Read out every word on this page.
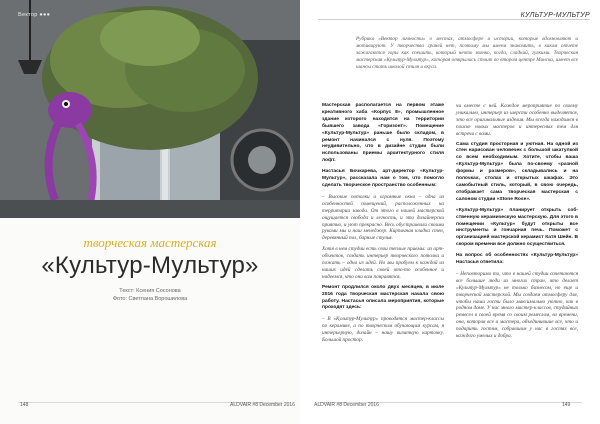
Вектор ●●●
творческая мастерская
«Культур-Мультур»
Текст: Ксения Сосонова
Фото: Светлана Ворошилова
КУЛЬТУР-МУЛЬТУР
Рубрика «Вектор личности» о местах, атмосфере и истории, которые вдохновляют и мотивируют. У творчества граней нет, поэтому мы имеем знакомить, в каком отчете зажигаются горы как спешить, который нечто звонко, когда, сладкий, гулкими. Творческая мастерская «Культур-Мультур», которая открылась стоит во втором центре Минска, имеет все шансы стать школой стиля и вкуса.

Мастерская располагается на первом этаже креативного хаба «Корпус 8», промышленное здание которого находится на территории бывшего завода «Горизонт». Помещение «Культур-Мультур» раньше было складом, в ремонт начинался с нуля. Поэтому неудивительно, что в дизайне студии были использованы приемы архитектурного стиля лофт.

Настасья Бочкарева, арт-директор «Культур-Мультур», рассказала нам о том, что помогло сделать творческое пространство особенным:

– Высокие потолки и огромные окна – одна из особенностей помещений, расположенных на территории завода. От этого в нашей мастерской ощущается свобода и легкость, и это дизайнерски приятно, и уют прекрасно. Весь обустраивали своими руками мы и наш менеджер. Кирпичная кладка стен, деревянный пол, барные стулья.

Хотя в нем студии есть свои теплые приемы: из арт-объектов, создать интерьер творческого потолка и пожать – одна из идей. Но мы пробуем к каждой из наших идей сделать своей что-то особенное и надеемся, что они вам понравятся.

Ремонт продлился около двух месяцев, в июле 2016 года творческая мастерская начала свою работу. Настасья описала мероприятия, которые проходят здесь:

– В «Культур-Мультур» проводятся мастер-классы по керамике, а по творческим обучающим курсам, я интерьерную, дизайн – нашу визитную карточку. Большой простор.

чи вместе с ней. Каждое мероприятие по своему уникально, интерьер из шерсти особенно выделяется, это все оригинальные изделия. Мы всегда находимся в поиске новых мастеров и интересных тем для встречи с вами.

Сама студия просторная и уютная. На одной из стен нарисован человечек с большой шкатулкой со всем необходимым. Хотите, чтобы ваша «Культур-Мультур» была по-своему «разной формы и размеров», складывались и на полочках, столах и открытых шкафах. Это самобытный стиль, который, в свою очередь, отображает сама творческая мастерская с салоном студии «Stone Rose».

«Культур-Мультур» планирует открыть собственную керамическую мастерскую. Для этого в помещении «Культур» будут открыты все инструменты и гончарная печь. Поможет с организацией мастерской керамист Катя Шейн. В скором времени все должно осуществиться.

На вопрос об особенностях «Культур-Мультур» Настасья ответила:

– Неповторимо то, что в нашей студии сочетаются все большие люди из многих стран, что делает «Культур-Мультур» не только бизнесом, но еще и творческой мастерской. Мы создаем атмосферу для, чтобы наши гости было максимально уютно, как в родном доме. У нас много мастер-классов, студийных ремесел в своей время со своим ремеслом, во времени, она, которая все и мастера, объединившие все, что и подарить гостям, собравшим у нас в гостях все, каждого умелых и добра.

148	ALDVAIR #8 December 2016	ALDVAIR #8 December 2016	149
